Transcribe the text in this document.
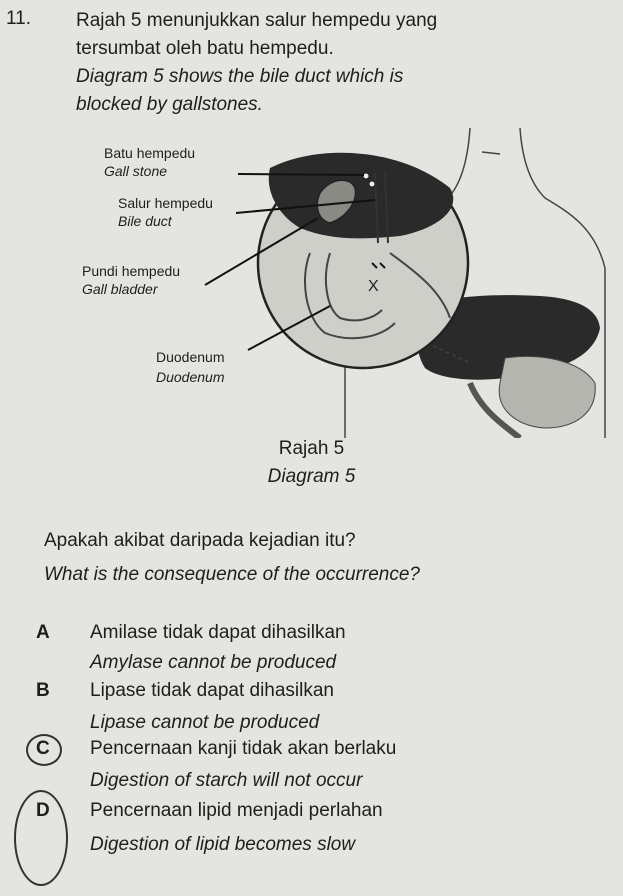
11. Rajah 5 menunjukkan salur hempedu yang
tersumbat oleh batu hempedu.
Diagram 5 shows the bile duct which is
blocked by gallstones.
X
Batu hempedu
Gall stone
Salur hempedu
Bile duct
Pundi hempedu
Gall bladder
Duodenum
Duodenum
Rajah 5
Diagram 5
Apakah akibat daripada kejadian itu?
What is the consequence of the occurrence?
A Amilase tidak dapat dihasilkan
Amylase cannot be produced
B Lipase tidak dapat dihasilkan
Lipase cannot be produced
C Pencernaan kanji tidak akan berlaku
Digestion of starch will not occur
D Pencernaan lipid menjadi perlahan
Digestion of lipid becomes slow
